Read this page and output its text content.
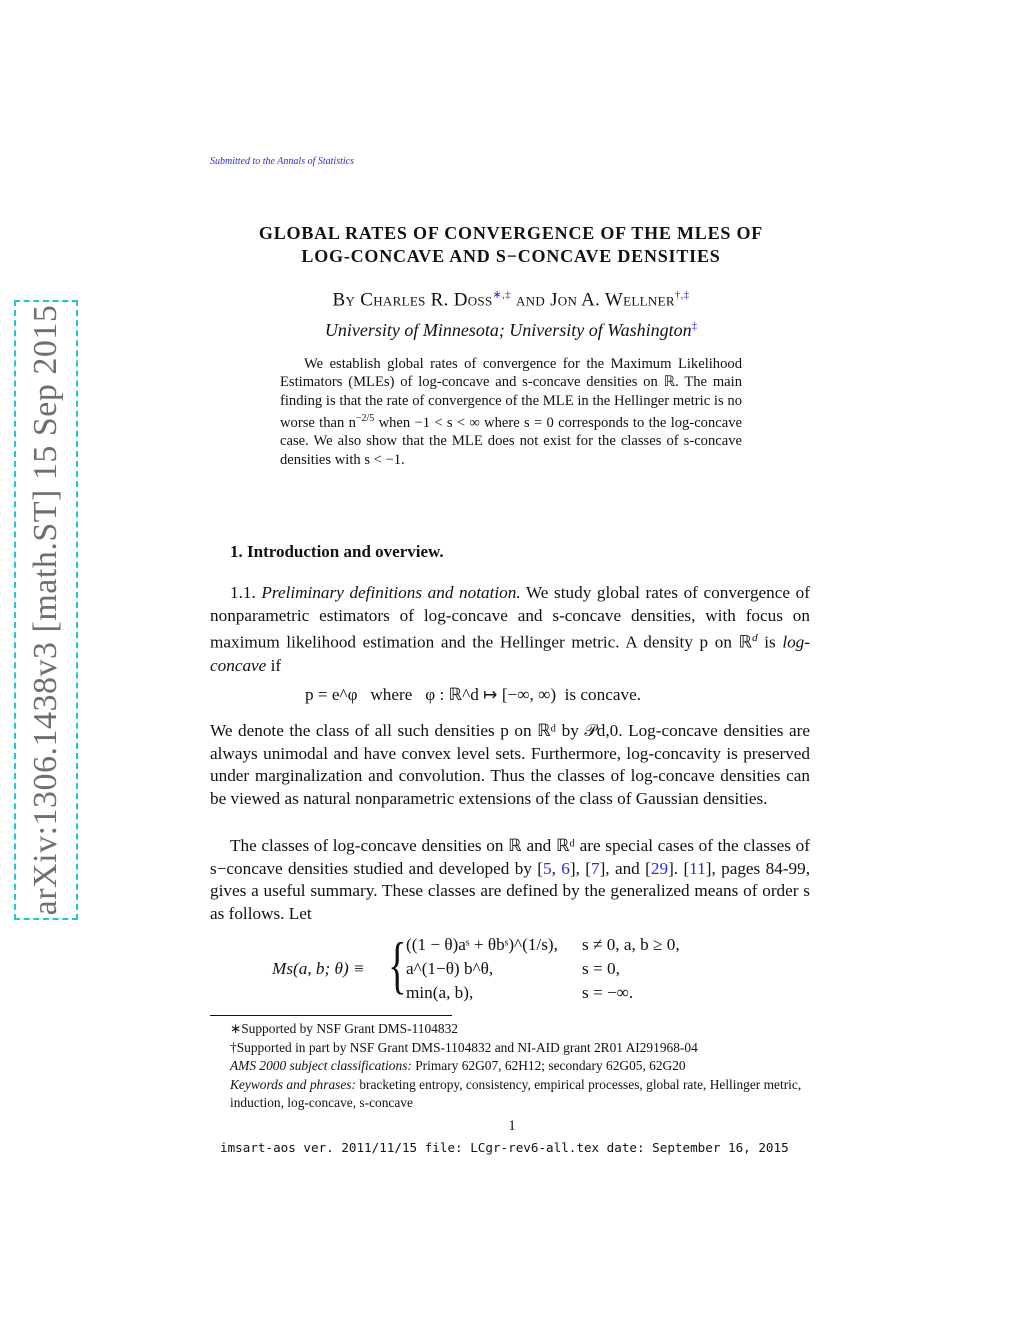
arXiv:1306.1438v3 [math.ST] 15 Sep 2015
Submitted to the Annals of Statistics
GLOBAL RATES OF CONVERGENCE OF THE MLES OF
LOG-CONCAVE AND S−CONCAVE DENSITIES
By Charles R. Doss∗,‡ and Jon A. Wellner†,‡
University of Minnesota; University of Washington‡
We establish global rates of convergence for the Maximum Likelihood Estimators (MLEs) of log-concave and s-concave densities on ℝ. The main finding is that the rate of convergence of the MLE in the Hellinger metric is no worse than $n^{-2/5}$ when −1 < s < ∞ where s = 0 corresponds to the log-concave case. We also show that the MLE does not exist for the classes of s-concave densities with s < −1.
1. Introduction and overview.
1.1. Preliminary definitions and notation. We study global rates of convergence of nonparametric estimators of log-concave and s-concave densities, with focus on maximum likelihood estimation and the Hellinger metric. A density p on ℝ$^d$ is log-concave if
p = e^φ   where   φ : ℝ^d ↦ [−∞, ∞)  is concave.
We denote the class of all such densities p on ℝᵈ by 𝒫d,0. Log-concave densities are always unimodal and have convex level sets. Furthermore, log-concavity is preserved under marginalization and convolution. Thus the classes of log-concave densities can be viewed as natural nonparametric extensions of the class of Gaussian densities.
The classes of log-concave densities on ℝ and ℝᵈ are special cases of the classes of s−concave densities studied and developed by [5, 6], [7], and [29]. [11], pages 84-99, gives a useful summary. These classes are defined by the generalized means of order s as follows. Let
Ms(a, b; θ) ≡ { ((1 − θ)aˢ + θbˢ)^(1/s), s ≠ 0, a, b ≥ 0,
a^(1−θ) b^θ,	s = 0,
min(a, b),	s = −∞.
∗Supported by NSF Grant DMS-1104832
†Supported in part by NSF Grant DMS-1104832 and NI-AID grant 2R01 AI291968-04
AMS 2000 subject classifications: Primary 62G07, 62H12; secondary 62G05, 62G20
Keywords and phrases: bracketing entropy, consistency, empirical processes, global rate, Hellinger metric, induction, log-concave, s-concave
1
imsart-aos ver. 2011/11/15 file: LCgr-rev6-all.tex date: September 16, 2015
